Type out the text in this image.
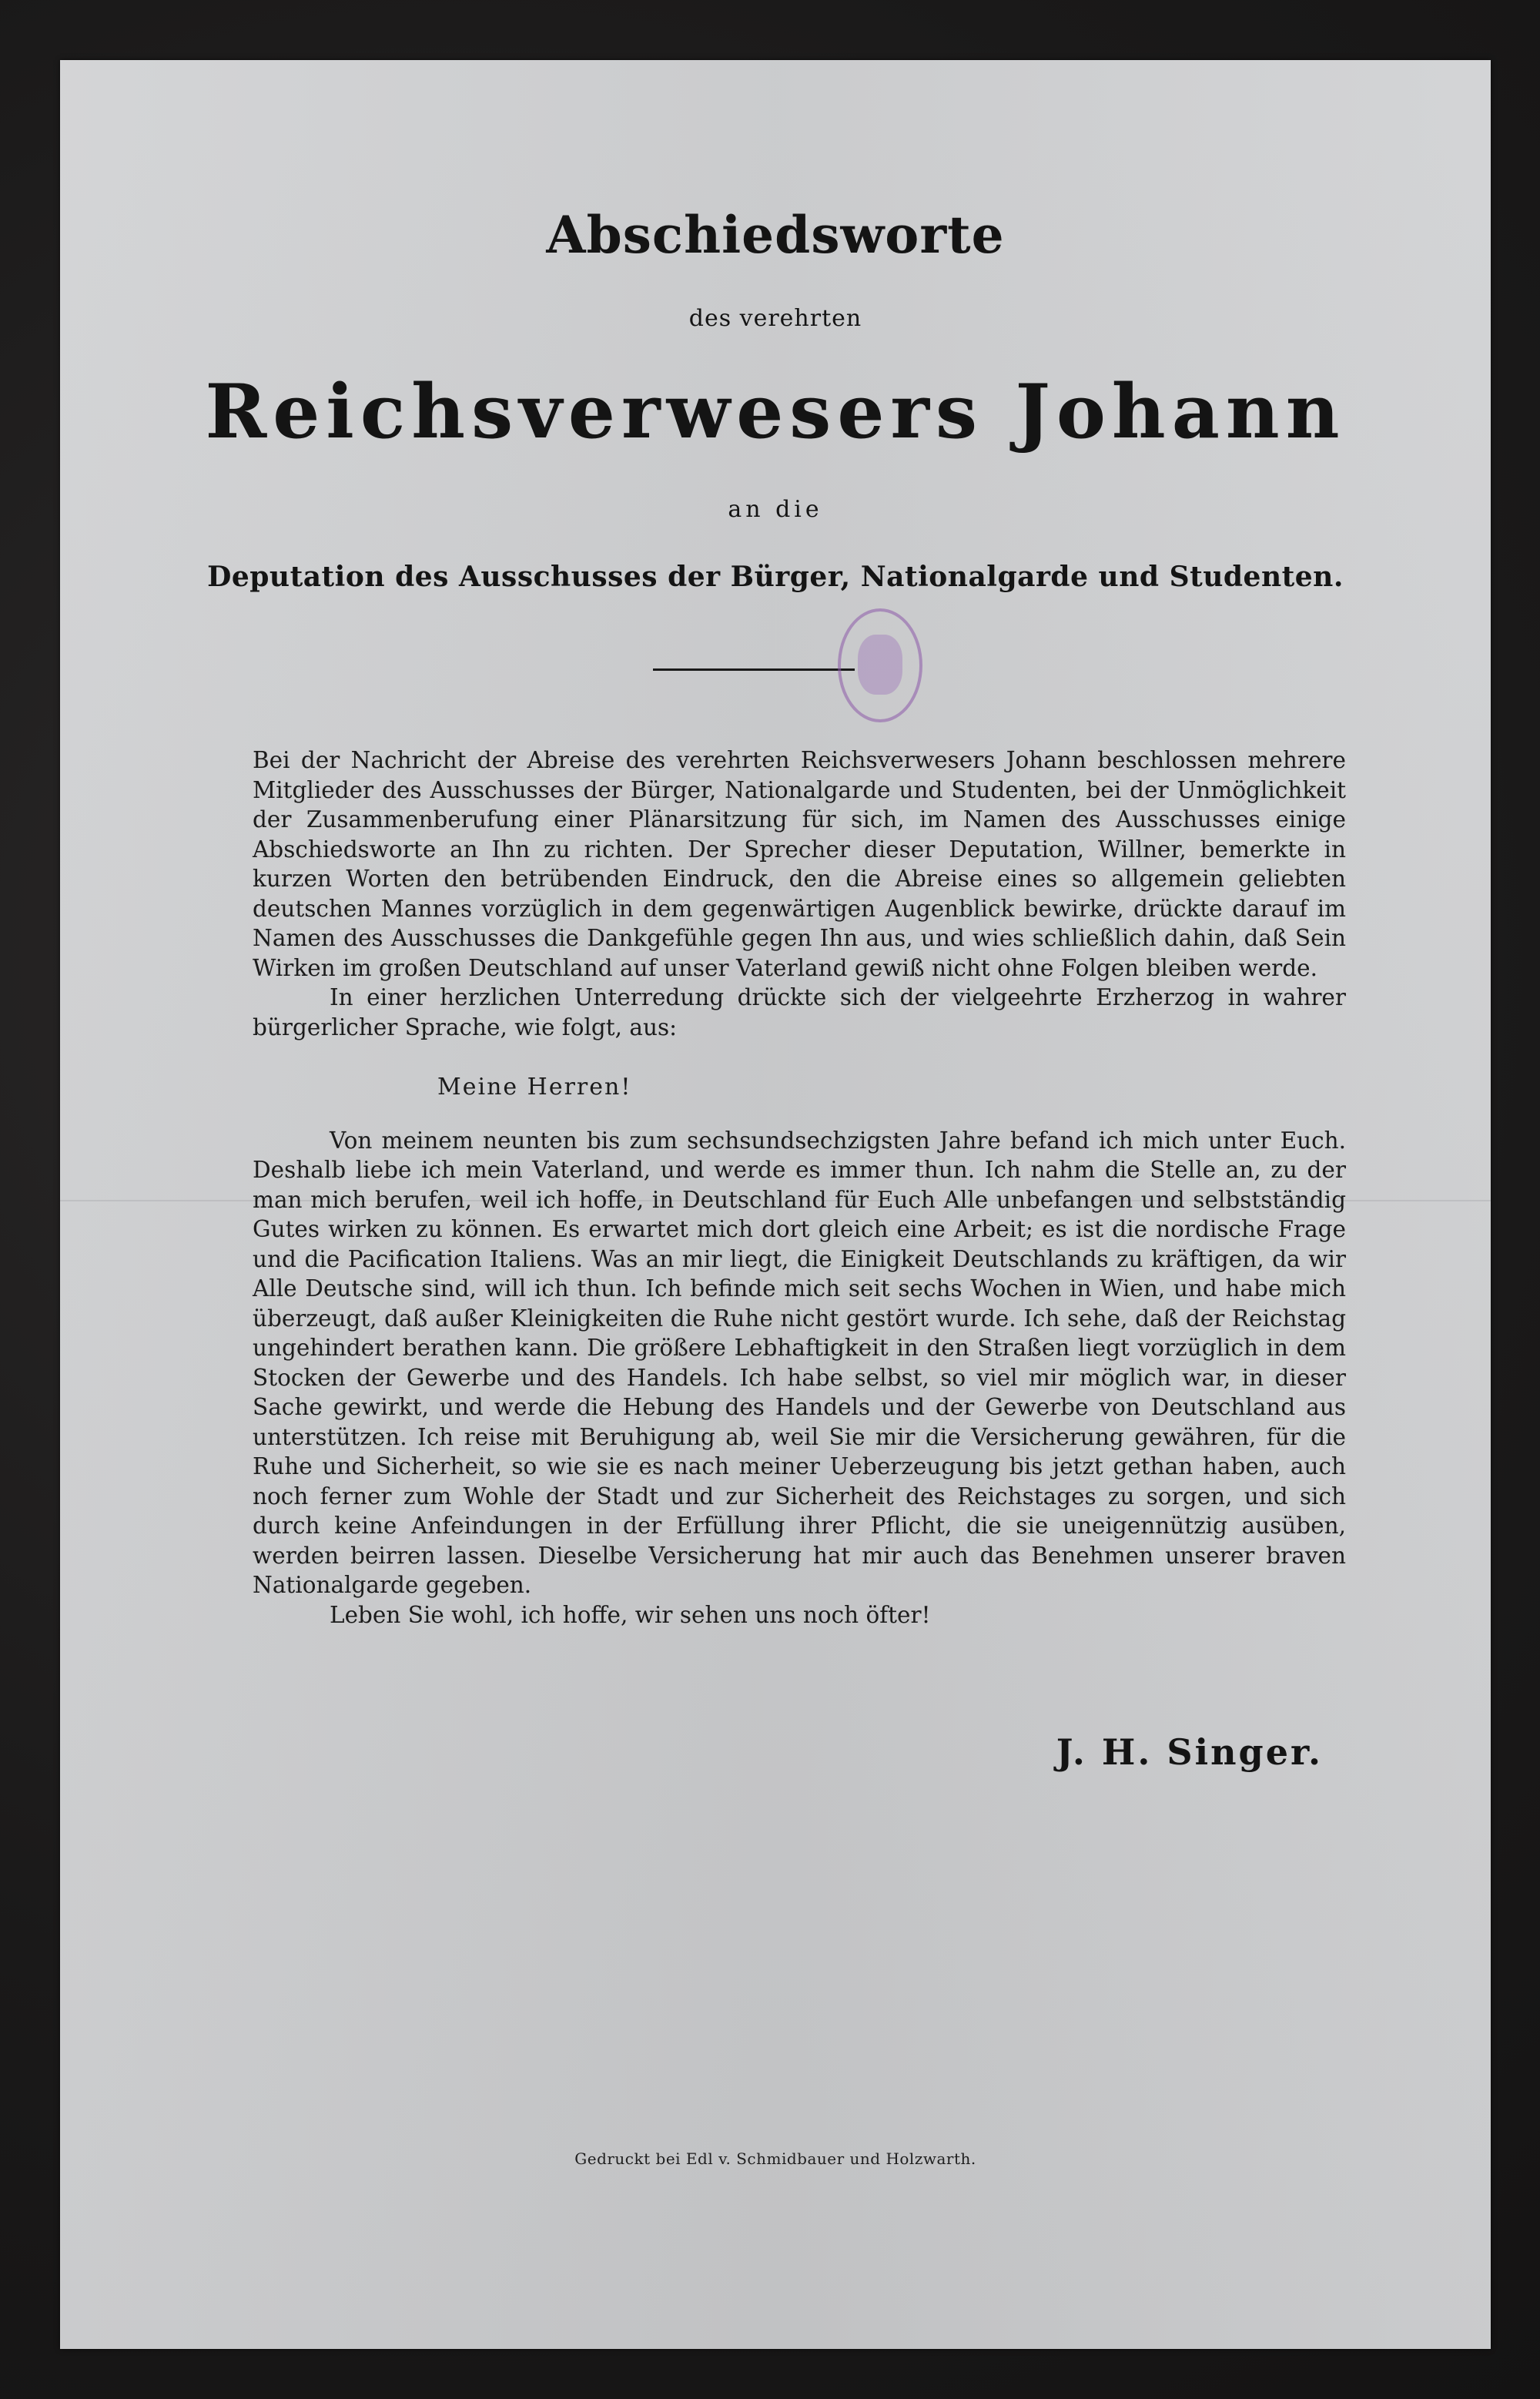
Abschiedsworte
des verehrten
Reichsverwesers Johann
an die
Deputation des Ausschusses der Bürger, Nationalgarde und Studenten.

Bei der Nachricht der Abreise des verehrten Reichsverwesers Johann beschlossen mehrere Mitglieder des Ausschusses der Bürger, Nationalgarde und Studenten, bei der Unmöglichkeit der Zusammenberufung einer Plänarsitzung für sich, im Namen des Ausschusses einige Abschiedsworte an Ihn zu richten. Der Sprecher dieser Deputation, Willner, bemerkte in kurzen Worten den betrübenden Eindruck, den die Abreise eines so allgemein geliebten deutschen Mannes vorzüglich in dem gegenwärtigen Augenblick bewirke, drückte darauf im Namen des Ausschusses die Dankgefühle gegen Ihn aus, und wies schließlich dahin, daß Sein Wirken im großen Deutschland auf unser Vaterland gewiß nicht ohne Folgen bleiben werde.

In einer herzlichen Unterredung drückte sich der vielgeehrte Erzherzog in wahrer bürgerlicher Sprache, wie folgt, aus:

Meine Herren!

Von meinem neunten bis zum sechsundsechzigsten Jahre befand ich mich unter Euch. Deshalb liebe ich mein Vaterland, und werde es immer thun. Ich nahm die Stelle an, zu der man mich berufen, weil ich hoffe, in Deutschland für Euch Alle unbefangen und selbstständig Gutes wirken zu können. Es erwartet mich dort gleich eine Arbeit; es ist die nordische Frage und die Pacification Italiens. Was an mir liegt, die Einigkeit Deutschlands zu kräftigen, da wir Alle Deutsche sind, will ich thun. Ich befinde mich seit sechs Wochen in Wien, und habe mich überzeugt, daß außer Kleinigkeiten die Ruhe nicht gestört wurde. Ich sehe, daß der Reichstag ungehindert berathen kann. Die größere Lebhaftigkeit in den Straßen liegt vorzüglich in dem Stocken der Gewerbe und des Handels. Ich habe selbst, so viel mir möglich war, in dieser Sache gewirkt, und werde die Hebung des Handels und der Gewerbe von Deutschland aus unterstützen. Ich reise mit Beruhigung ab, weil Sie mir die Versicherung gewähren, für die Ruhe und Sicherheit, so wie sie es nach meiner Ueberzeugung bis jetzt gethan haben, auch noch ferner zum Wohle der Stadt und zur Sicherheit des Reichstages zu sorgen, und sich durch keine Anfeindungen in der Erfüllung ihrer Pflicht, die sie uneigennützig ausüben, werden beirren lassen. Dieselbe Versicherung hat mir auch das Benehmen unserer braven Nationalgarde gegeben.

Leben Sie wohl, ich hoffe, wir sehen uns noch öfter!

J. H. Singer.
Gedruckt bei Edl v. Schmidbauer und Holzwarth.
